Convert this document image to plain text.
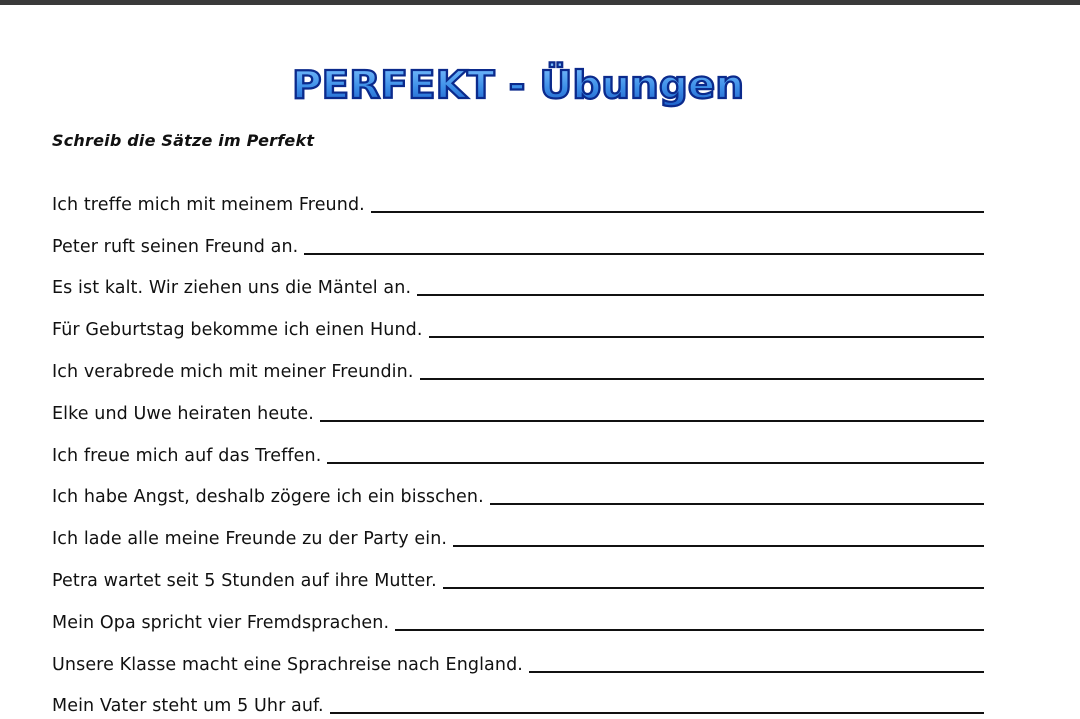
PERFEKT - Übungen
Schreib die Sätze im Perfekt
Ich treffe mich mit meinem Freund.
Peter ruft seinen Freund an.
Es ist kalt. Wir ziehen uns die Mäntel an.
Für Geburtstag bekomme ich einen Hund.
Ich verabrede mich mit meiner Freundin.
Elke und Uwe heiraten heute.
Ich freue mich auf das Treffen.
Ich habe Angst, deshalb zögere ich ein bisschen.
Ich lade alle meine Freunde zu der Party ein.
Petra wartet seit 5 Stunden auf ihre Mutter.
Mein Opa spricht vier Fremdsprachen.
Unsere Klasse macht eine Sprachreise nach England.
Mein Vater steht um 5 Uhr auf.
